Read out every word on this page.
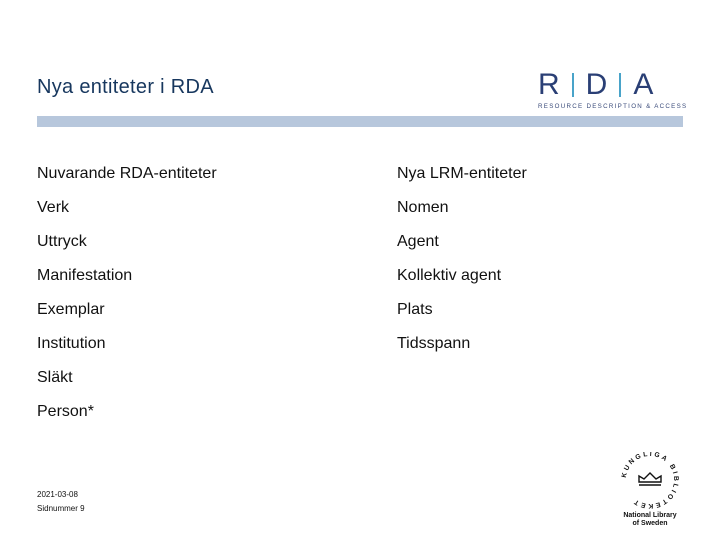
Nya entiteter i RDA	R D A
RESOURCE DESCRIPTION & ACCESS
Nuvarande RDA-entiteter
Verk
Uttryck
Manifestation
Exemplar
Institution
Släkt
Person*
Nya LRM-entiteter
Nomen
Agent
Kollektiv agent
Plats
Tidsspann
2021-03-08
Sidnummer 9
KUNGLIGA BIBLIOTEKET
National Library
of Sweden
